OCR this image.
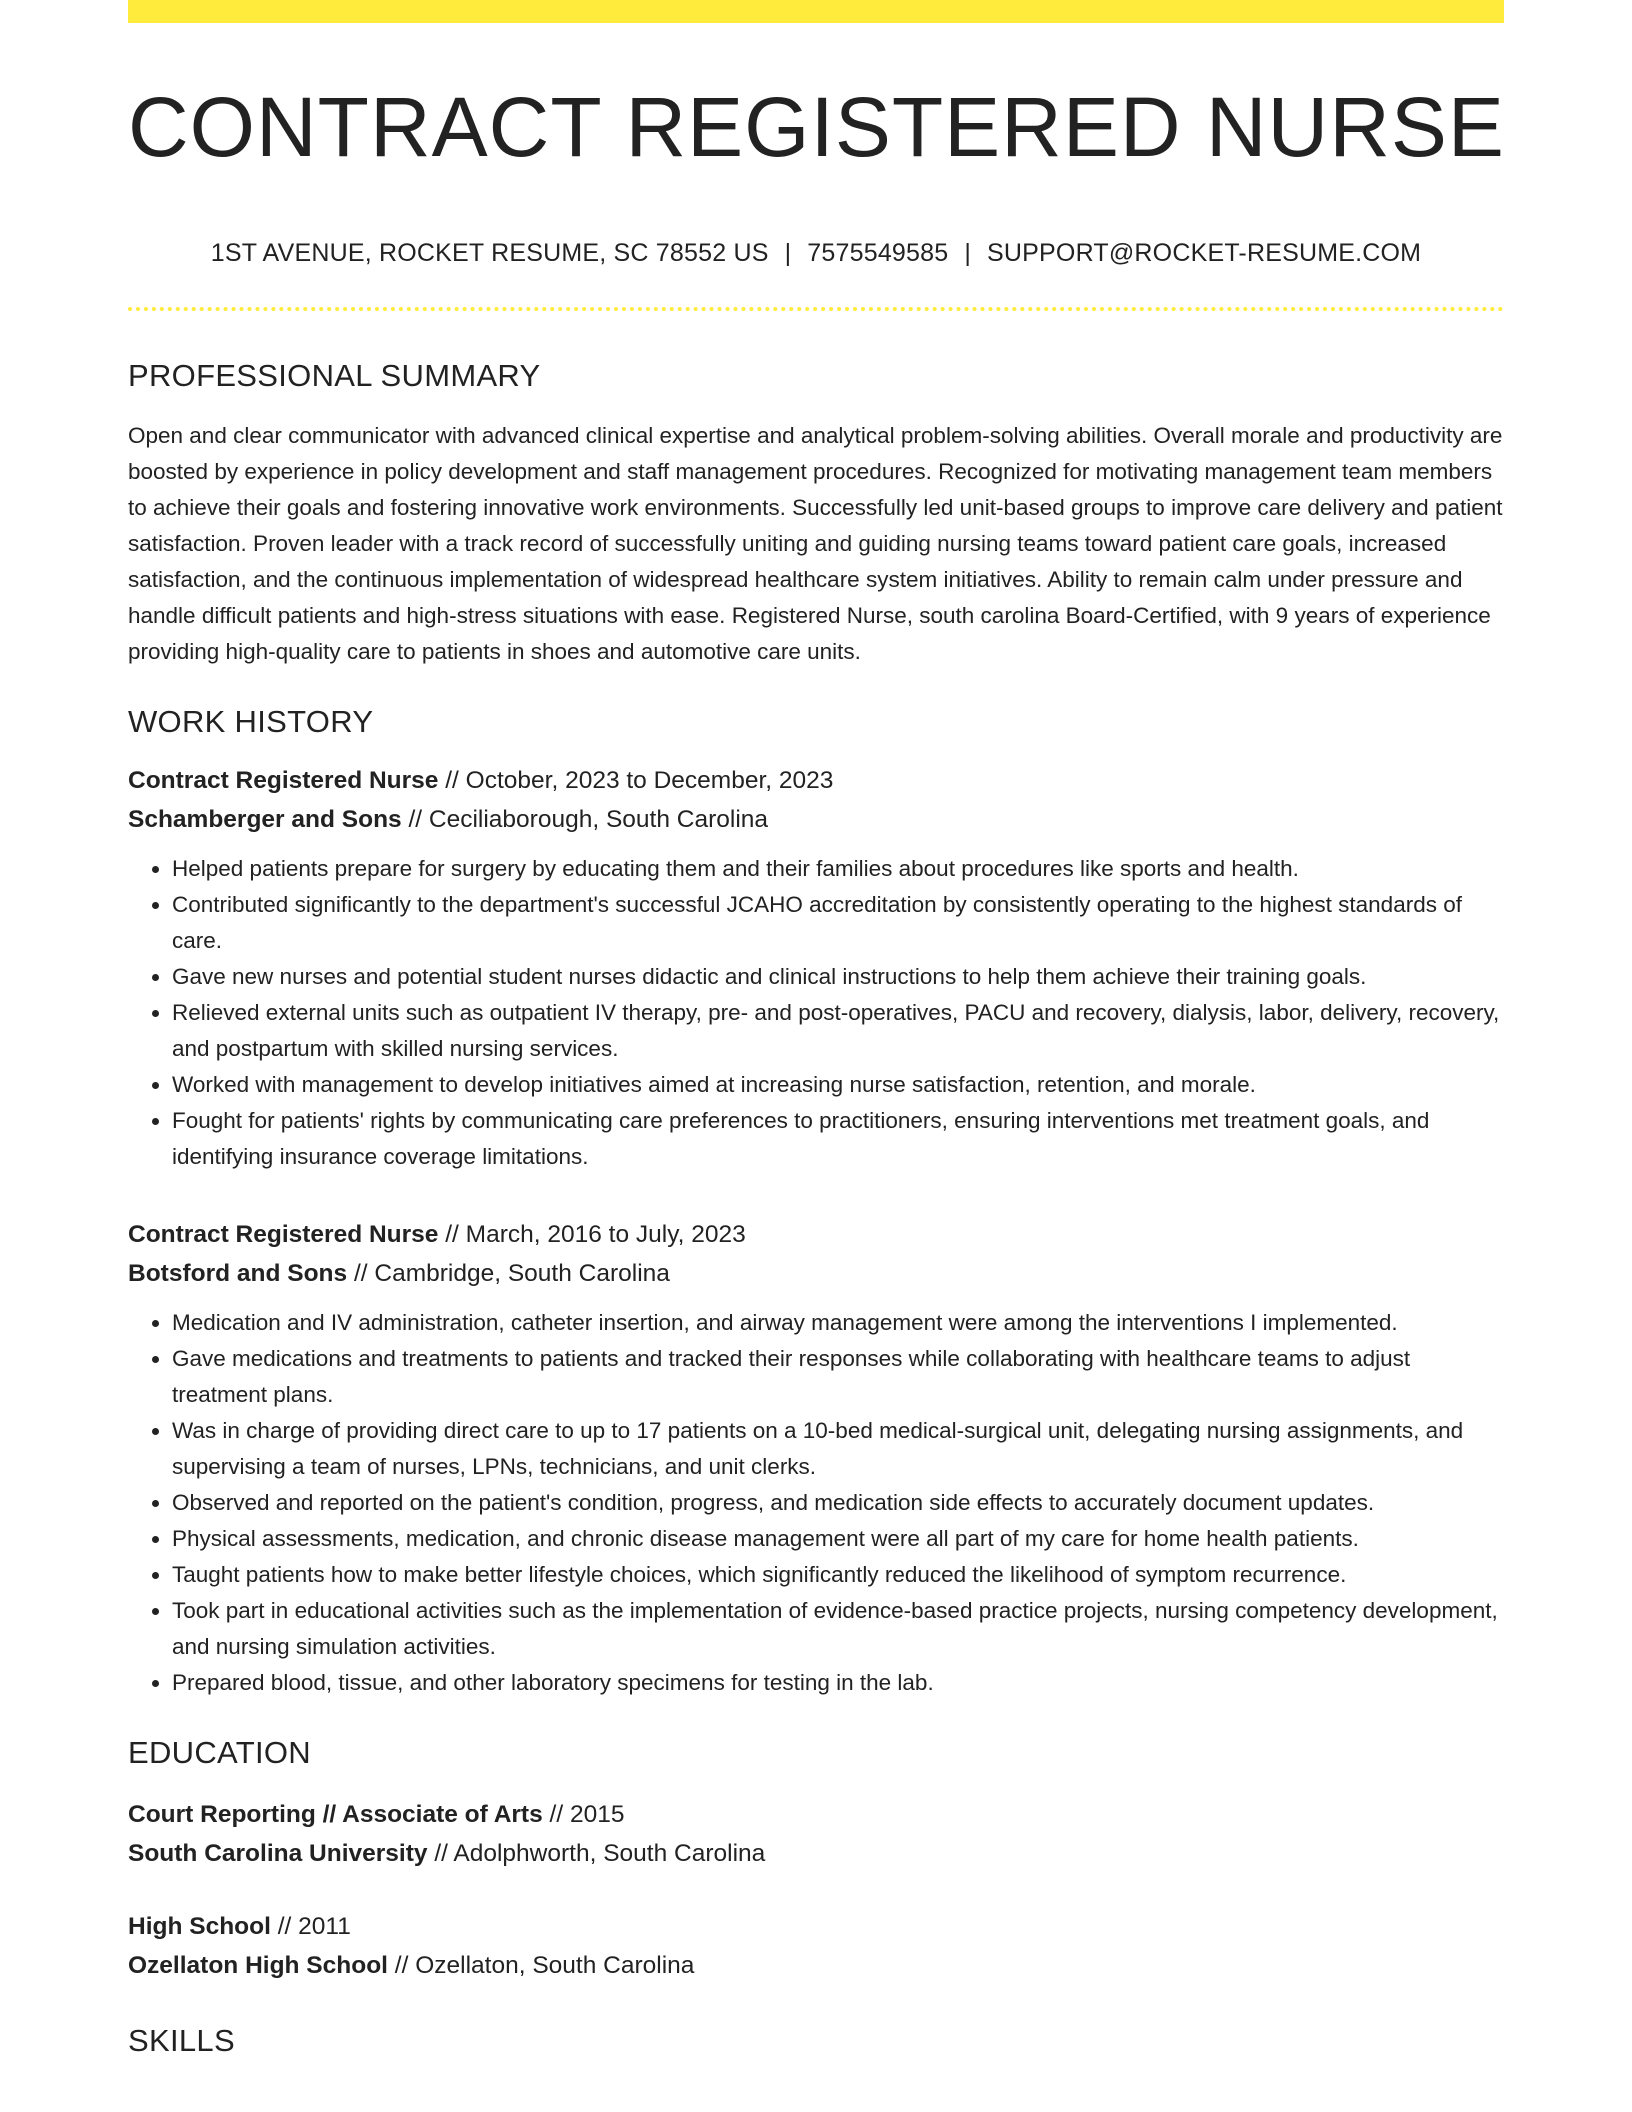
CONTRACT REGISTERED NURSE
1ST AVENUE, ROCKET RESUME, SC 78552 US | 7575549585 | SUPPORT@ROCKET-RESUME.COM
PROFESSIONAL SUMMARY

Open and clear communicator with advanced clinical expertise and analytical problem-solving abilities. Overall morale and productivity are boosted by experience in policy development and staff management procedures. Recognized for motivating management team members to achieve their goals and fostering innovative work environments. Successfully led unit-based groups to improve care delivery and patient satisfaction. Proven leader with a track record of successfully uniting and guiding nursing teams toward patient care goals, increased satisfaction, and the continuous implementation of widespread healthcare system initiatives. Ability to remain calm under pressure and handle difficult patients and high-stress situations with ease. Registered Nurse, south carolina Board-Certified, with 9 years of experience providing high-quality care to patients in shoes and automotive care units.

WORK HISTORY
Contract Registered Nurse // October, 2023 to December, 2023
Schamberger and Sons // Ceciliaborough, South Carolina
• Helped patients prepare for surgery by educating them and their families about procedures like sports and health.
• Contributed significantly to the department's successful JCAHO accreditation by consistently operating to the highest standards of care.
• Gave new nurses and potential student nurses didactic and clinical instructions to help them achieve their training goals.
• Relieved external units such as outpatient IV therapy, pre- and post-operatives, PACU and recovery, dialysis, labor, delivery, recovery, and postpartum with skilled nursing services.
• Worked with management to develop initiatives aimed at increasing nurse satisfaction, retention, and morale.
• Fought for patients' rights by communicating care preferences to practitioners, ensuring interventions met treatment goals, and identifying insurance coverage limitations.
Contract Registered Nurse // March, 2016 to July, 2023
Botsford and Sons // Cambridge, South Carolina
• Medication and IV administration, catheter insertion, and airway management were among the interventions I implemented.
• Gave medications and treatments to patients and tracked their responses while collaborating with healthcare teams to adjust treatment plans.
• Was in charge of providing direct care to up to 17 patients on a 10-bed medical-surgical unit, delegating nursing assignments, and supervising a team of nurses, LPNs, technicians, and unit clerks.
• Observed and reported on the patient's condition, progress, and medication side effects to accurately document updates.
• Physical assessments, medication, and chronic disease management were all part of my care for home health patients.
• Taught patients how to make better lifestyle choices, which significantly reduced the likelihood of symptom recurrence.
• Took part in educational activities such as the implementation of evidence-based practice projects, nursing competency development, and nursing simulation activities.
• Prepared blood, tissue, and other laboratory specimens for testing in the lab.
EDUCATION
Court Reporting // Associate of Arts // 2015
South Carolina University // Adolphworth, South Carolina
High School // 2011
Ozellaton High School // Ozellaton, South Carolina
SKILLS
